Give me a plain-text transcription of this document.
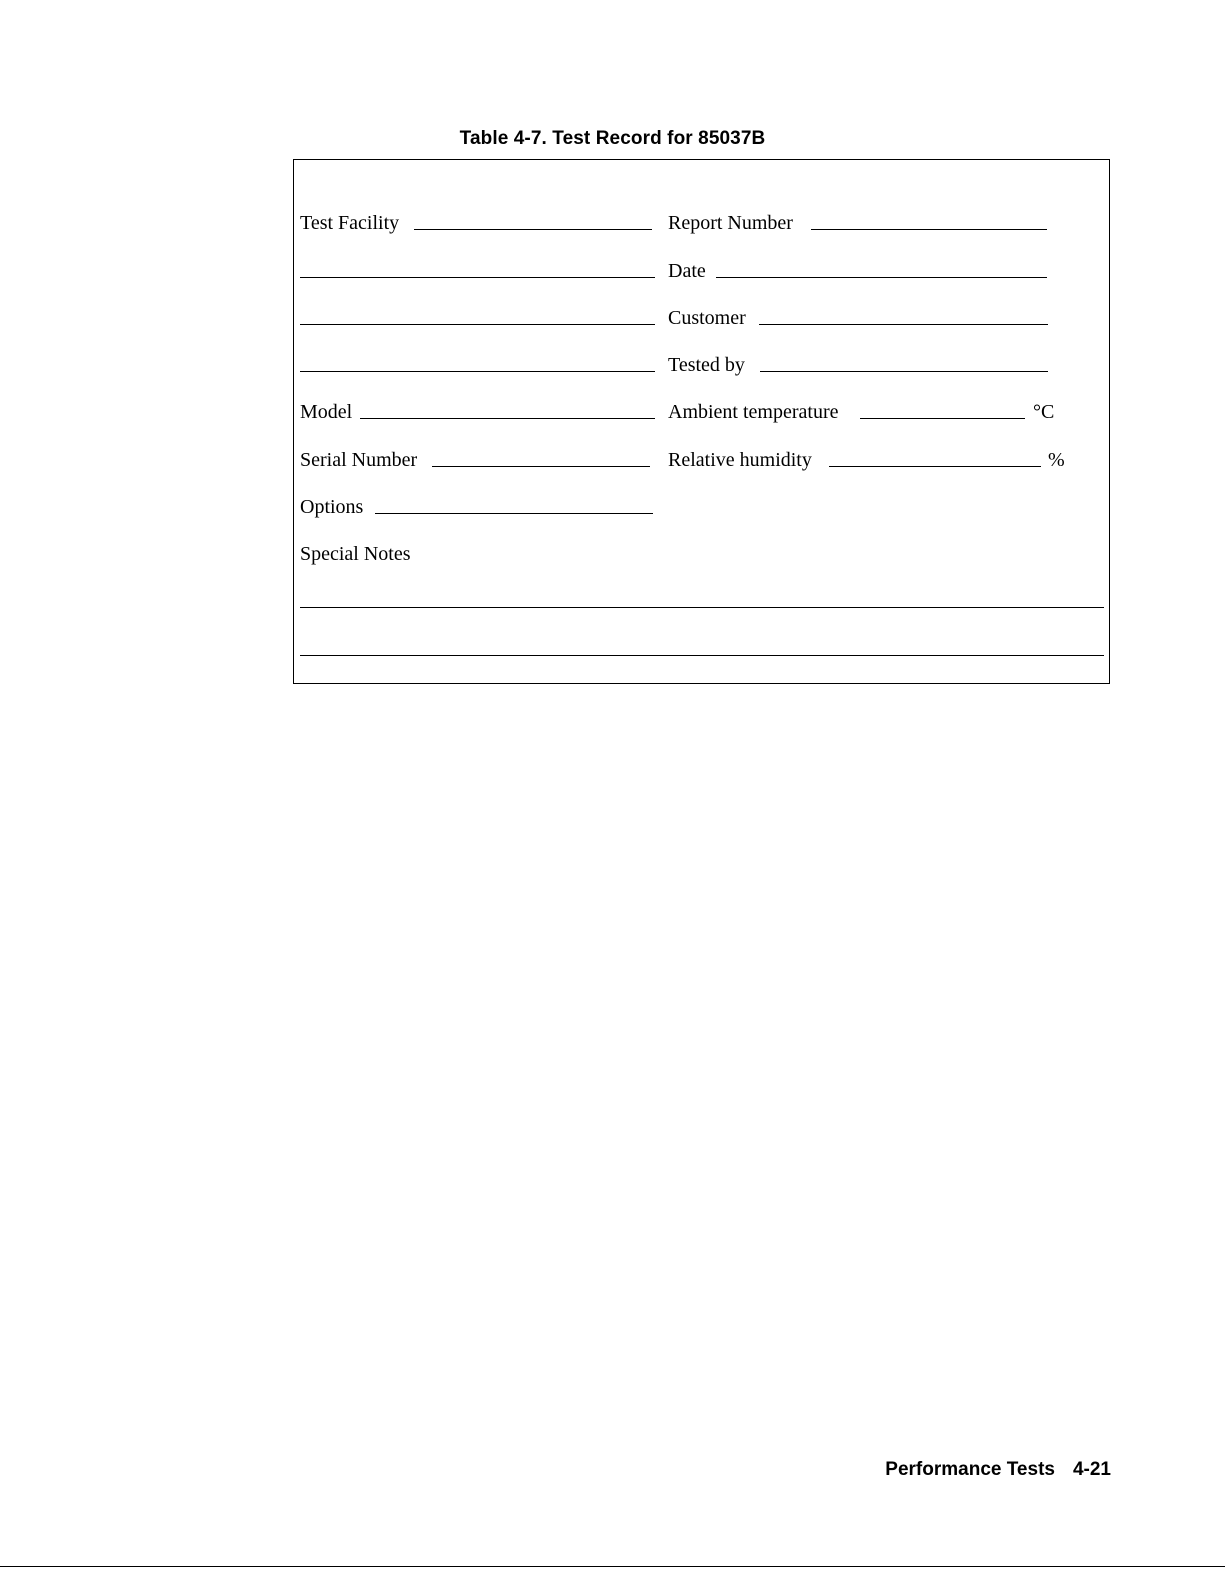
Table 4-7. Test Record for 85037B
Test Facility
Model
Serial Number
Options
Special Notes
Report Number
Date
Customer
Tested by
Ambient temperature	°C
Relative humidity	%
Performance Tests 4-21
